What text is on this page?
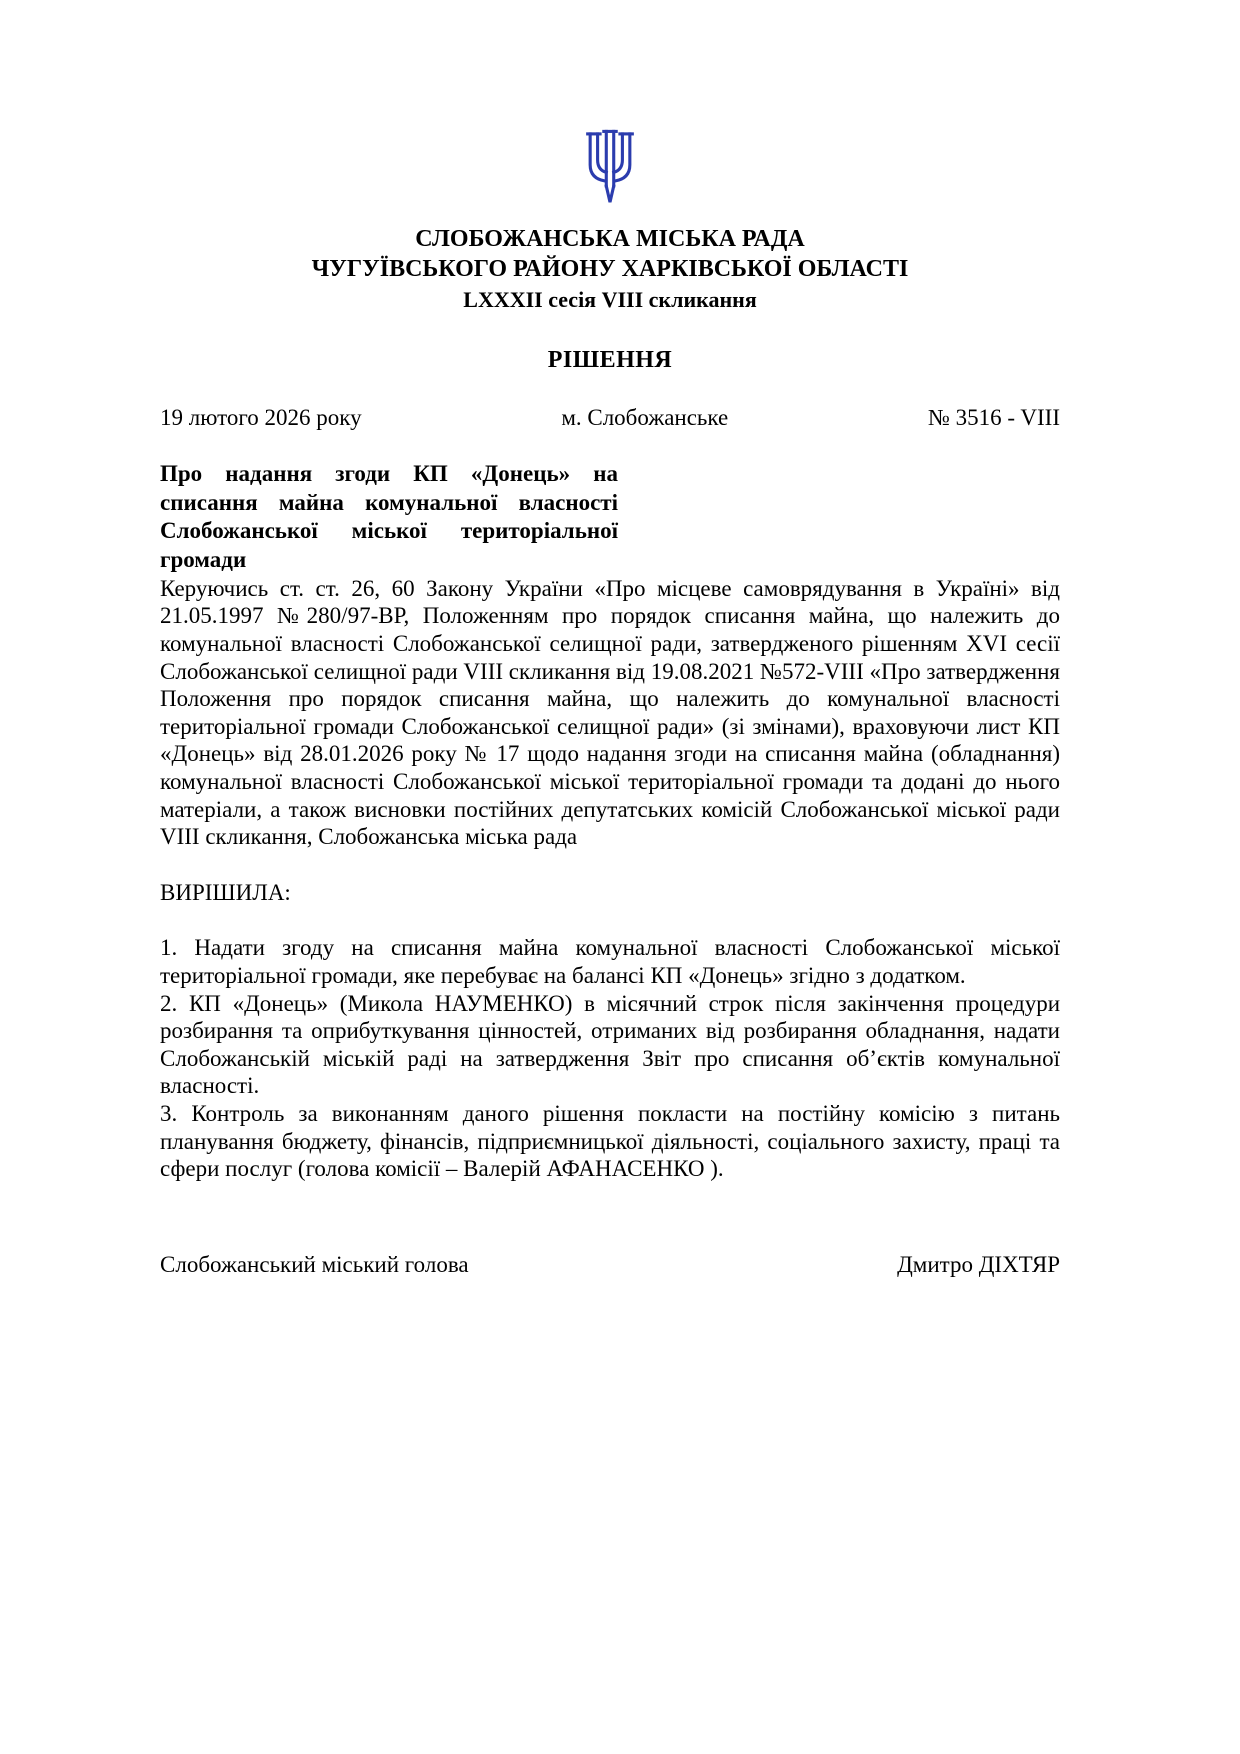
СЛОБОЖАНСЬКА МІСЬКА РАДА
ЧУГУЇВСЬКОГО РАЙОНУ ХАРКІВСЬКОЇ ОБЛАСТІ
LXXXII сесія VIII скликання
РІШЕННЯ
19 лютого 2026 року	м. Слобожанське	№ 3516 - VIII
Про надання згоди КП «Донець» на списання майна комунальної власності Слобожанської міської територіальної громади

Керуючись ст. ст. 26, 60 Закону України «Про місцеве самоврядування в Україні» від 21.05.1997 №280/97-ВР, Положенням про порядок списання майна, що належить до комунальної власності Слобожанської селищної ради, затвердженого рішенням XVI сесії Слобожанської селищної ради VIII скликання від 19.08.2021 №572-VIII «Про затвердження Положення про порядок списання майна, що належить до комунальної власності територіальної громади Слобожанської селищної ради» (зі змінами), враховуючи лист КП «Донець» від 28.01.2026 року № 17 щодо надання згоди на списання майна (обладнання) комунальної власності Слобожанської міської територіальної громади та додані до нього матеріали, а також висновки постійних депутатських комісій Слобожанської міської ради VIII скликання, Слобожанська міська рада

ВИРІШИЛА:

1. Надати згоду на списання майна комунальної власності Слобожанської міської територіальної громади, яке перебуває на балансі КП «Донець» згідно з додатком.

2. КП «Донець» (Микола НАУМЕНКО) в місячний строк після закінчення процедури розбирання та оприбуткування цінностей, отриманих від розбирання обладнання, надати Слобожанській міській раді на затвердження Звіт про списання об’єктів комунальної власності.

3. Контроль за виконанням даного рішення покласти на постійну комісію з питань планування бюджету, фінансів, підприємницької діяльності, соціального захисту, праці та сфери послуг (голова комісії – Валерій АФАНАСЕНКО ).

Слобожанський міський голова	Дмитро ДІХТЯР
